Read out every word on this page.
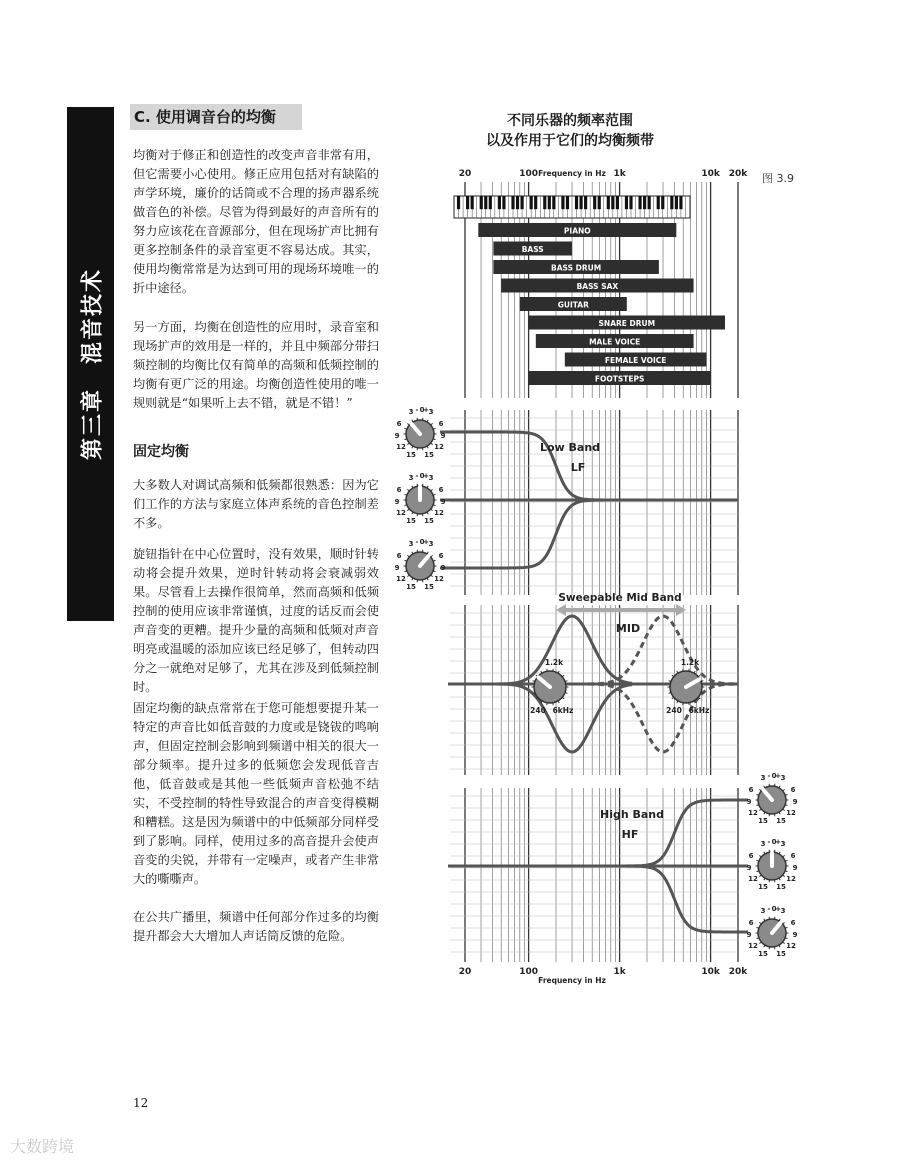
第三章　混音技术
C. 使用调音台的均衡

均衡对于修正和创造性的改变声音非常有用，但它需要小心使用。修正应用包括对有缺陷的声学环境，廉价的话筒或不合理的扬声器系统做音色的补偿。尽管为得到最好的声音所有的努力应该花在音源部分，但在现场扩声比拥有更多控制条件的录音室更不容易达成。其实，使用均衡常常是为达到可用的现场环境唯一的折中途径。

另一方面，均衡在创造性的应用时，录音室和现场扩声的效用是一样的，并且中频部分带扫频控制的均衡比仅有简单的高频和低频控制的均衡有更广泛的用途。均衡创造性使用的唯一规则就是“如果听上去不错，就是不错！”

固定均衡

大多数人对调试高频和低频都很熟悉：因为它们工作的方法与家庭立体声系统的音色控制差不多。

旋钮指针在中心位置时，没有效果，顺时针转动将会提升效果，逆时针转动将会衰减弱效果。尽管看上去操作很简单，然而高频和低频控制的使用应该非常谨慎，过度的话反而会使声音变的更糟。提升少量的高频和低频对声音明亮或温暖的添加应该已经足够了，但转动四分之一就绝对足够了，尤其在涉及到低频控制时。

固定均衡的缺点常常在于您可能想要提升某一特定的声音比如低音鼓的力度或是铙钹的鸣响声，但固定控制会影响到频谱中相关的很大一部分频率。提升过多的低频您会发现低音吉他，低音鼓或是其他一些低频声音松弛不结实，不受控制的特性导致混合的声音变得模糊和糟糕。这是因为频谱中的中低频部分同样受到了影响。同样，使用过多的高音提升会使声音变的尖锐，并带有一定噪声，或者产生非常大的嘶嘶声。

在公共广播里，频谱中任何部分作过多的均衡提升都会大大增加人声话筒反馈的危险。

12
大数跨境
不同乐器的频率范围
以及作用于它们的均衡频带
图 3.9
PIANO
BASS
BASS DRUM
BASS SAX
GUITAR
SNARE DRUM
MALE VOICE
FEMALE VOICE
FOOTSTEPS
3 - 0
+ 3
6	6
9	9
12	12
15 15
3 - 0
+ 3
6	6
9	9
12	12
15 15
3 - 0
+ 3
6	6
9	9
12	12
15 15
3 - 0
+ 3
6	6
9	9
12	12
15 15
3 - 0
+ 3
6	6
9	9
12	12
15 15
3 - 0
+ 3
6	6
9	9
12	12
15 15
1.2k
240 6kHz
1.2k
240 6kHz
20
20
100
100
1k
1k
10k
10k
20k
20k
Frequency in Hz
Frequency in Hz
Low Band
LF
Sweepable Mid Band
MID
High Band
HF
